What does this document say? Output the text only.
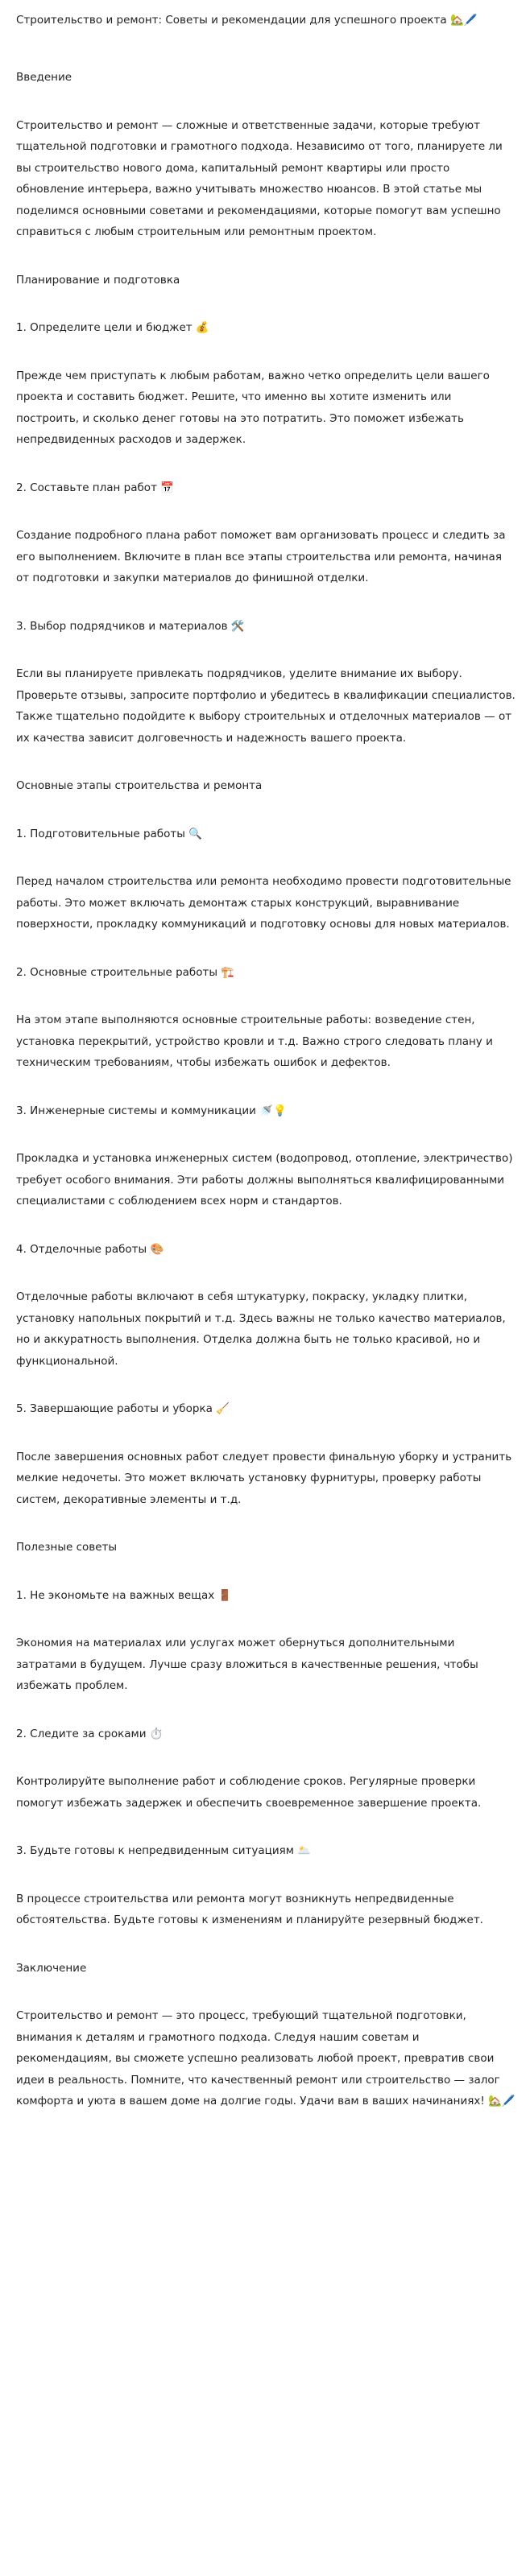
Строительство и ремонт: Советы и рекомендации для успешного проекта 🏡🖊️

Введение

Строительство и ремонт — сложные и ответственные задачи, которые требуют тщательной подготовки и грамотного подхода. Независимо от того, планируете ли вы строительство нового дома, капитальный ремонт квартиры или просто обновление интерьера, важно учитывать множество нюансов. В этой статье мы поделимся основными советами и рекомендациями, которые помогут вам успешно справиться с любым строительным или ремонтным проектом.

Планирование и подготовка

1. Определите цели и бюджет 💰

Прежде чем приступать к любым работам, важно четко определить цели вашего проекта и составить бюджет. Решите, что именно вы хотите изменить или построить, и сколько денег готовы на это потратить. Это поможет избежать непредвиденных расходов и задержек.

2. Составьте план работ 📅

Создание подробного плана работ поможет вам организовать процесс и следить за его выполнением. Включите в план все этапы строительства или ремонта, начиная от подготовки и закупки материалов до финишной отделки.

3. Выбор подрядчиков и материалов 🛠️

Если вы планируете привлекать подрядчиков, уделите внимание их выбору. Проверьте отзывы, запросите портфолио и убедитесь в квалификации специалистов. Также тщательно подойдите к выбору строительных и отделочных материалов — от их качества зависит долговечность и надежность вашего проекта.

Основные этапы строительства и ремонта

1. Подготовительные работы 🔍

Перед началом строительства или ремонта необходимо провести подготовительные работы. Это может включать демонтаж старых конструкций, выравнивание поверхности, прокладку коммуникаций и подготовку основы для новых материалов.

2. Основные строительные работы 🏗️

На этом этапе выполняются основные строительные работы: возведение стен, установка перекрытий, устройство кровли и т.д. Важно строго следовать плану и техническим требованиям, чтобы избежать ошибок и дефектов.

3. Инженерные системы и коммуникации 🚿💡

Прокладка и установка инженерных систем (водопровод, отопление, электричество) требует особого внимания. Эти работы должны выполняться квалифицированными специалистами с соблюдением всех норм и стандартов.

4. Отделочные работы 🎨

Отделочные работы включают в себя штукатурку, покраску, укладку плитки, установку напольных покрытий и т.д. Здесь важны не только качество материалов, но и аккуратность выполнения. Отделка должна быть не только красивой, но и функциональной.

5. Завершающие работы и уборка 🧹

После завершения основных работ следует провести финальную уборку и устранить мелкие недочеты. Это может включать установку фурнитуры, проверку работы систем, декоративные элементы и т.д.

Полезные советы

1. Не экономьте на важных вещах 🚪

Экономия на материалах или услугах может обернуться дополнительными затратами в будущем. Лучше сразу вложиться в качественные решения, чтобы избежать проблем.

2. Следите за сроками ⏱️

Контролируйте выполнение работ и соблюдение сроков. Регулярные проверки помогут избежать задержек и обеспечить своевременное завершение проекта.

3. Будьте готовы к непредвиденным ситуациям 🌥️

В процессе строительства или ремонта могут возникнуть непредвиденные обстоятельства. Будьте готовы к изменениям и планируйте резервный бюджет.

Заключение

Строительство и ремонт — это процесс, требующий тщательной подготовки, внимания к деталям и грамотного подхода. Следуя нашим советам и рекомендациям, вы сможете успешно реализовать любой проект, превратив свои идеи в реальность. Помните, что качественный ремонт или строительство — залог комфорта и уюта в вашем доме на долгие годы. Удачи вам в ваших начинаниях! 🏡🖊️
